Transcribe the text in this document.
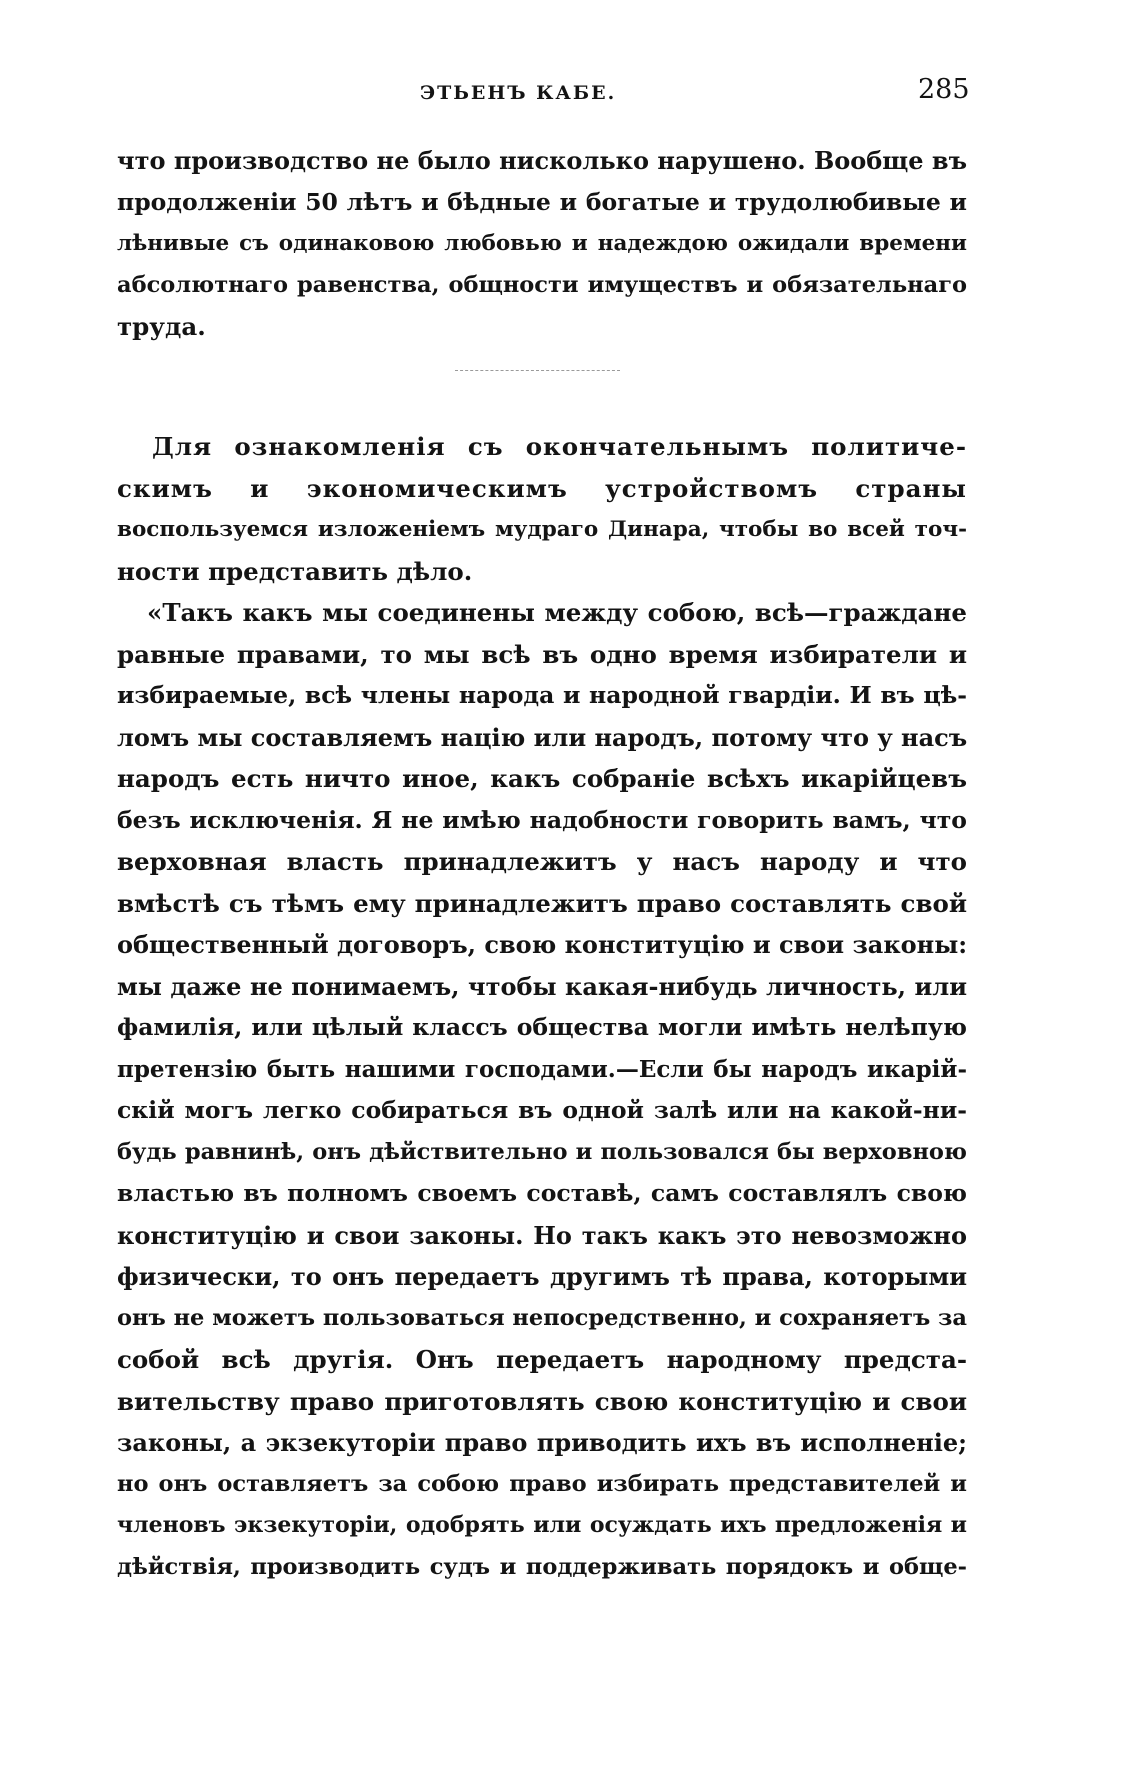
ЭТЬЕНЪ КАБЕ.	285
что производство не было нисколько нарушено. Вообще въ
продолженіи 50 лѣтъ и бѣдные и богатые и трудолюбивые и
лѣнивые съ одинаковою любовью и надеждою ожидали времени
абсолютнаго равенства, общности имуществъ и обязательнаго
труда.
Для ознакомленія съ окончательнымъ политиче-
скимъ и экономическимъ устройствомъ страны
воспользуемся изложеніемъ мудраго Динара, чтобы во всей точ-
ности представить дѣло.
«Такъ какъ мы соединены между собою, всѣ—граждане
равные правами, то мы всѣ въ одно время избиратели и
избираемые, всѣ члены народа и народной гвардіи. И въ цѣ-
ломъ мы составляемъ націю или народъ, потому что у насъ
народъ есть ничто иное, какъ собраніе всѣхъ икарійцевъ
безъ исключенія. Я не имѣю надобности говорить вамъ, что
верховная власть принадлежитъ у насъ народу и что
вмѣстѣ съ тѣмъ ему принадлежитъ право составлять свой
общественный договоръ, свою конституцію и свои законы:
мы даже не понимаемъ, чтобы какая-нибудь личность, или
фамилія, или цѣлый классъ общества могли имѣть нелѣпую
претензію быть нашими господами.—Если бы народъ икарій-
скій могъ легко собираться въ одной залѣ или на какой-ни-
будь равнинѣ, онъ дѣйствительно и пользовался бы верховною
властью въ полномъ своемъ составѣ, самъ составлялъ свою
конституцію и свои законы. Но такъ какъ это невозможно
физически, то онъ передаетъ другимъ тѣ права, которыми
онъ не можетъ пользоваться непосредственно, и сохраняетъ за
собой всѣ другія. Онъ передаетъ народному предста-
вительству право приготовлять свою конституцію и свои
законы, а экзекуторіи право приводить ихъ въ исполненіе;
но онъ оставляетъ за собою право избирать представителей и
членовъ экзекуторіи, одобрять или осуждать ихъ предложенія и
дѣйствія, производить судъ и поддерживать порядокъ и обще-
